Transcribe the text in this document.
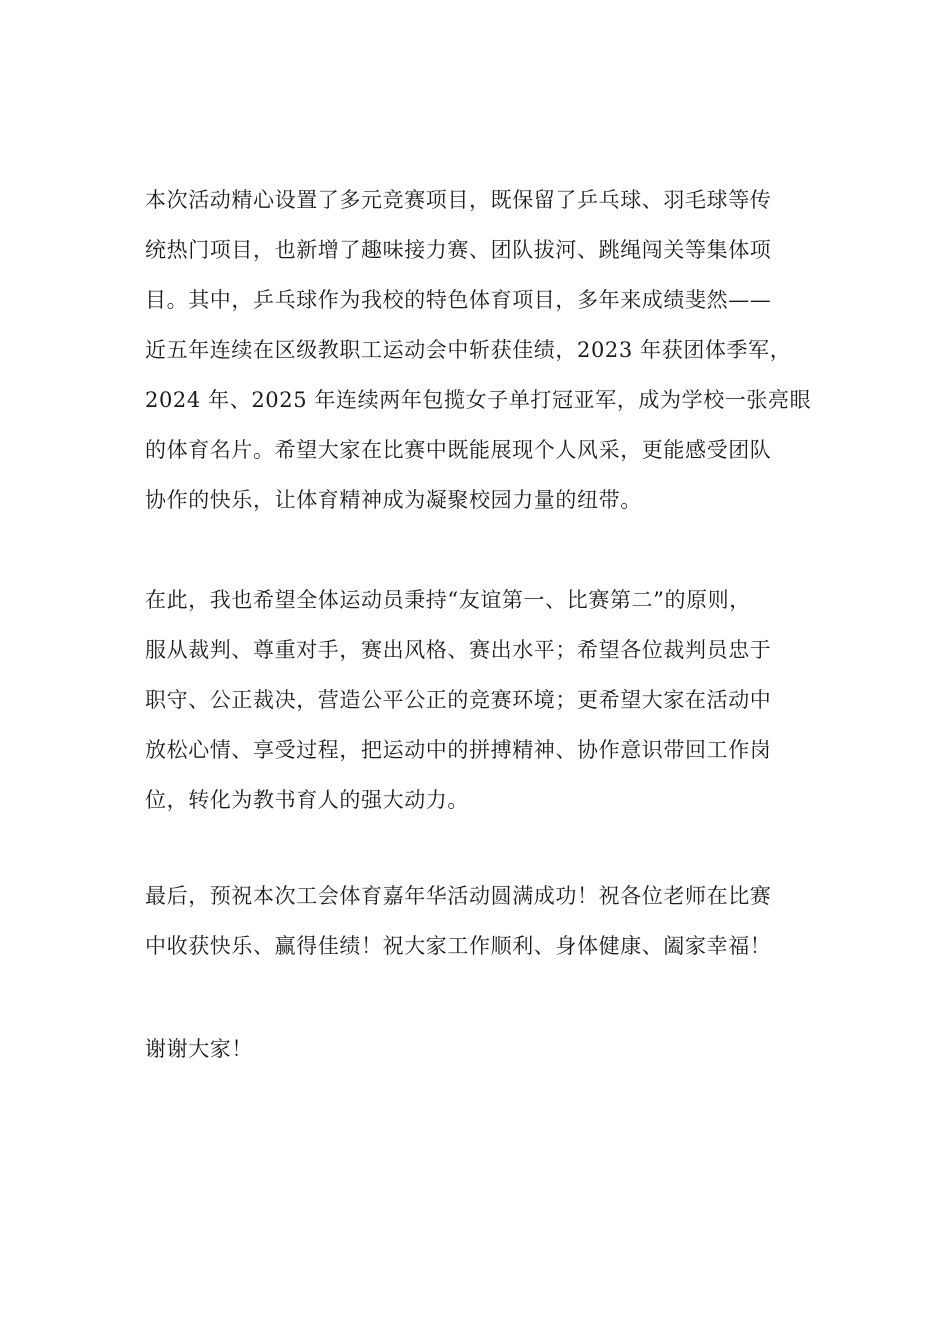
本次活动精心设置了多元竞赛项目，既保留了乒乓球、羽毛球等传
统热门项目，也新增了趣味接力赛、团队拔河、跳绳闯关等集体项
目。其中，乒乓球作为我校的特色体育项目，多年来成绩斐然——
近五年连续在区级教职工运动会中斩获佳绩，2023 年获团体季军，
2024 年、2025 年连续两年包揽女子单打冠亚军，成为学校一张亮眼
的体育名片。希望大家在比赛中既能展现个人风采，更能感受团队
协作的快乐，让体育精神成为凝聚校园力量的纽带。
在此，我也希望全体运动员秉持“友谊第一、比赛第二”的原则，
服从裁判、尊重对手，赛出风格、赛出水平；希望各位裁判员忠于
职守、公正裁决，营造公平公正的竞赛环境；更希望大家在活动中
放松心情、享受过程，把运动中的拼搏精神、协作意识带回工作岗
位，转化为教书育人的强大动力。
最后，预祝本次工会体育嘉年华活动圆满成功！祝各位老师在比赛
中收获快乐、赢得佳绩！祝大家工作顺利、身体健康、阖家幸福！
谢谢大家！
